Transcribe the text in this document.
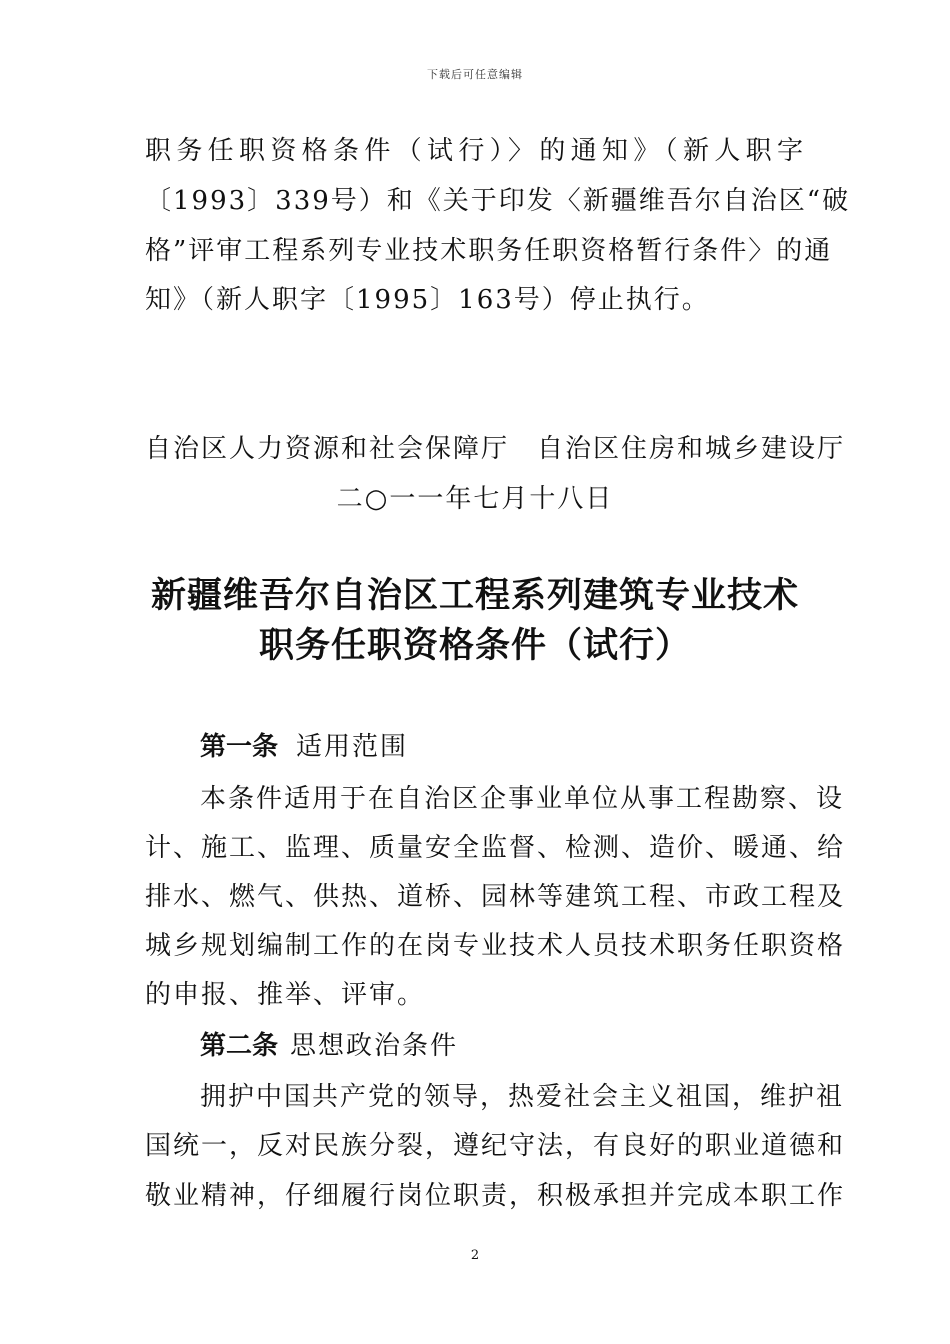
下载后可任意编辑
职务任职资格条件（试行）〉的通知》（新人职字
〔1993〕339号）和《关于印发〈新疆维吾尔自治区“破
格”评审工程系列专业技术职务任职资格暂行条件〉的通
知》（新人职字〔1995〕163号）停止执行。
自治区人力资源和社会保障厅　自治区住房和城乡建设厅
二○一一年七月十八日
新疆维吾尔自治区工程系列建筑专业技术
职务任职资格条件（试行）
第一条 适用范围
本条件适用于在自治区企事业单位从事工程勘察、设
计、施工、监理、质量安全监督、检测、造价、暖通、给
排水、燃气、供热、道桥、园林等建筑工程、市政工程及
城乡规划编制工作的在岗专业技术人员技术职务任职资格
的申报、推举、评审。
第二条 思想政治条件
拥护中国共产党的领导，热爱社会主义祖国，维护祖
国统一，反对民族分裂，遵纪守法，有良好的职业道德和
敬业精神，仔细履行岗位职责，积极承担并完成本职工作
2
